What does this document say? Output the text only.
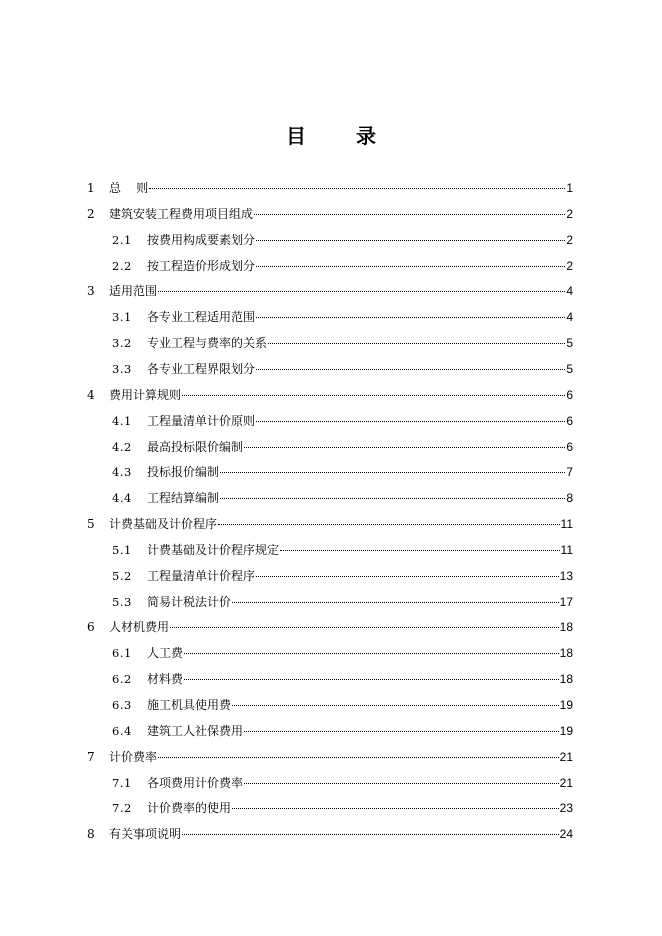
目	录
1	总    则	1
2	建筑安装工程费用项目组成	2
2.1	按费用构成要素划分	2
2.2	按工程造价形成划分	2
3	适用范围	4
3.1	各专业工程适用范围	4
3.2	专业工程与费率的关系	5
3.3	各专业工程界限划分	5
4	费用计算规则	6
4.1	工程量清单计价原则	6
4.2	最高投标限价编制	6
4.3	投标报价编制	7
4.4	工程结算编制	8
5	计费基础及计价程序	11
5.1	计费基础及计价程序规定	11
5.2	工程量清单计价程序	13
5.3	简易计税法计价	17
6	人材机费用	18
6.1	人工费	18
6.2	材料费	18
6.3	施工机具使用费	19
6.4	建筑工人社保费用	19
7	计价费率	21
7.1	各项费用计价费率	21
7.2	计价费率的使用	23
8	有关事项说明	24
